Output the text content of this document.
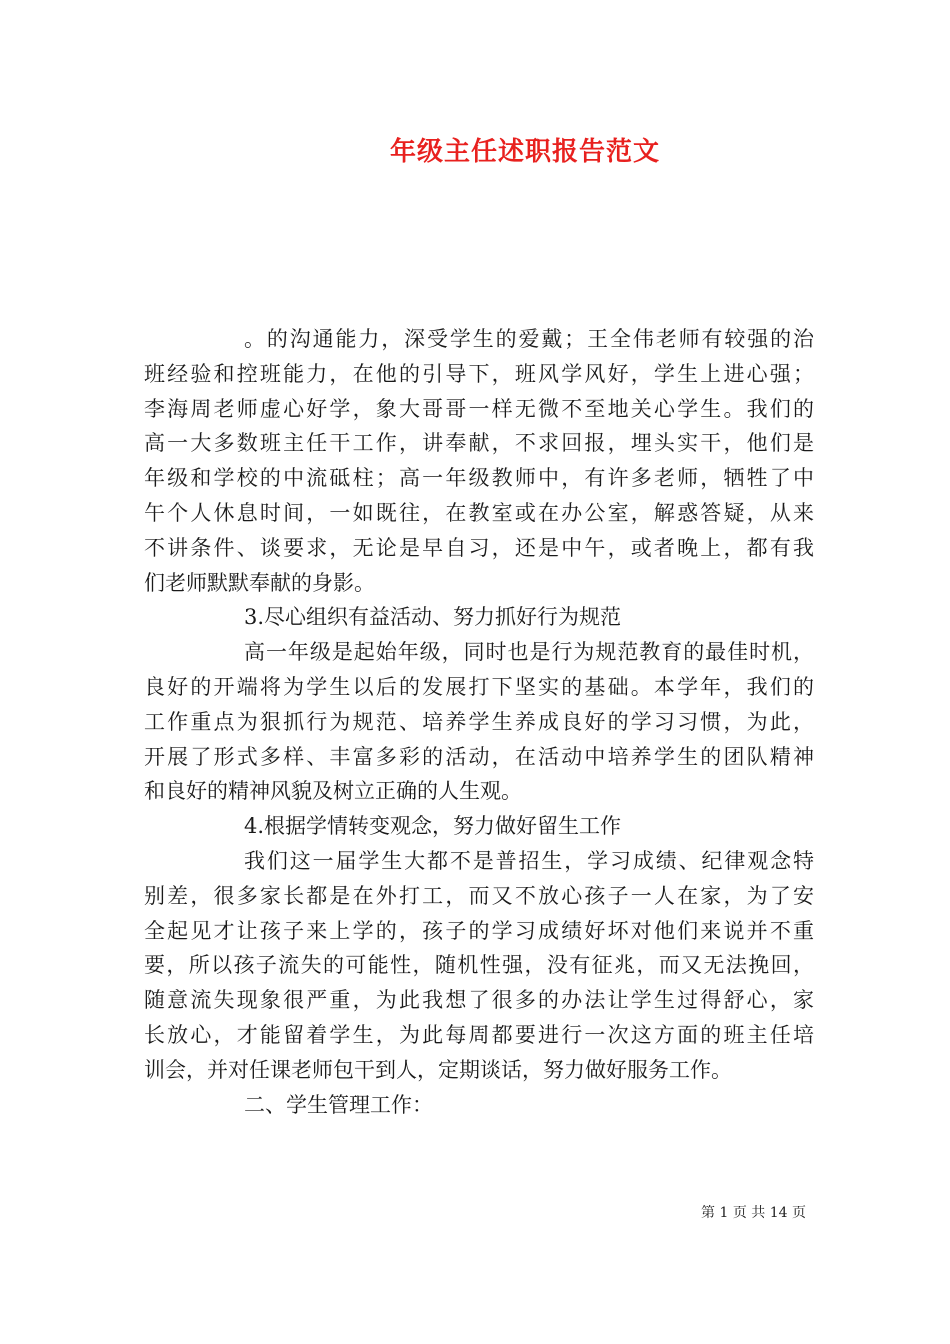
年级主任述职报告范文
。的沟通能力，深受学生的爱戴；王全伟老师有较强的治
班经验和控班能力，在他的引导下，班风学风好，学生上进心强；
李海周老师虚心好学，象大哥哥一样无微不至地关心学生。我们的
高一大多数班主任干工作，讲奉献，不求回报，埋头实干，他们是
年级和学校的中流砥柱；高一年级教师中，有许多老师，牺牲了中
午个人休息时间，一如既往，在教室或在办公室，解惑答疑，从来
不讲条件、谈要求，无论是早自习，还是中午，或者晚上，都有我
们老师默默奉献的身影。
3.尽心组织有益活动、努力抓好行为规范
高一年级是起始年级，同时也是行为规范教育的最佳时机，
良好的开端将为学生以后的发展打下坚实的基础。本学年，我们的
工作重点为狠抓行为规范、培养学生养成良好的学习习惯，为此，
开展了形式多样、丰富多彩的活动，在活动中培养学生的团队精神
和良好的精神风貌及树立正确的人生观。
4.根据学情转变观念，努力做好留生工作
我们这一届学生大都不是普招生，学习成绩、纪律观念特
别差，很多家长都是在外打工，而又不放心孩子一人在家，为了安
全起见才让孩子来上学的，孩子的学习成绩好坏对他们来说并不重
要，所以孩子流失的可能性，随机性强，没有征兆，而又无法挽回，
随意流失现象很严重，为此我想了很多的办法让学生过得舒心，家
长放心，才能留着学生，为此每周都要进行一次这方面的班主任培
训会，并对任课老师包干到人，定期谈话，努力做好服务工作。
二、学生管理工作：
第 1 页 共 14 页
